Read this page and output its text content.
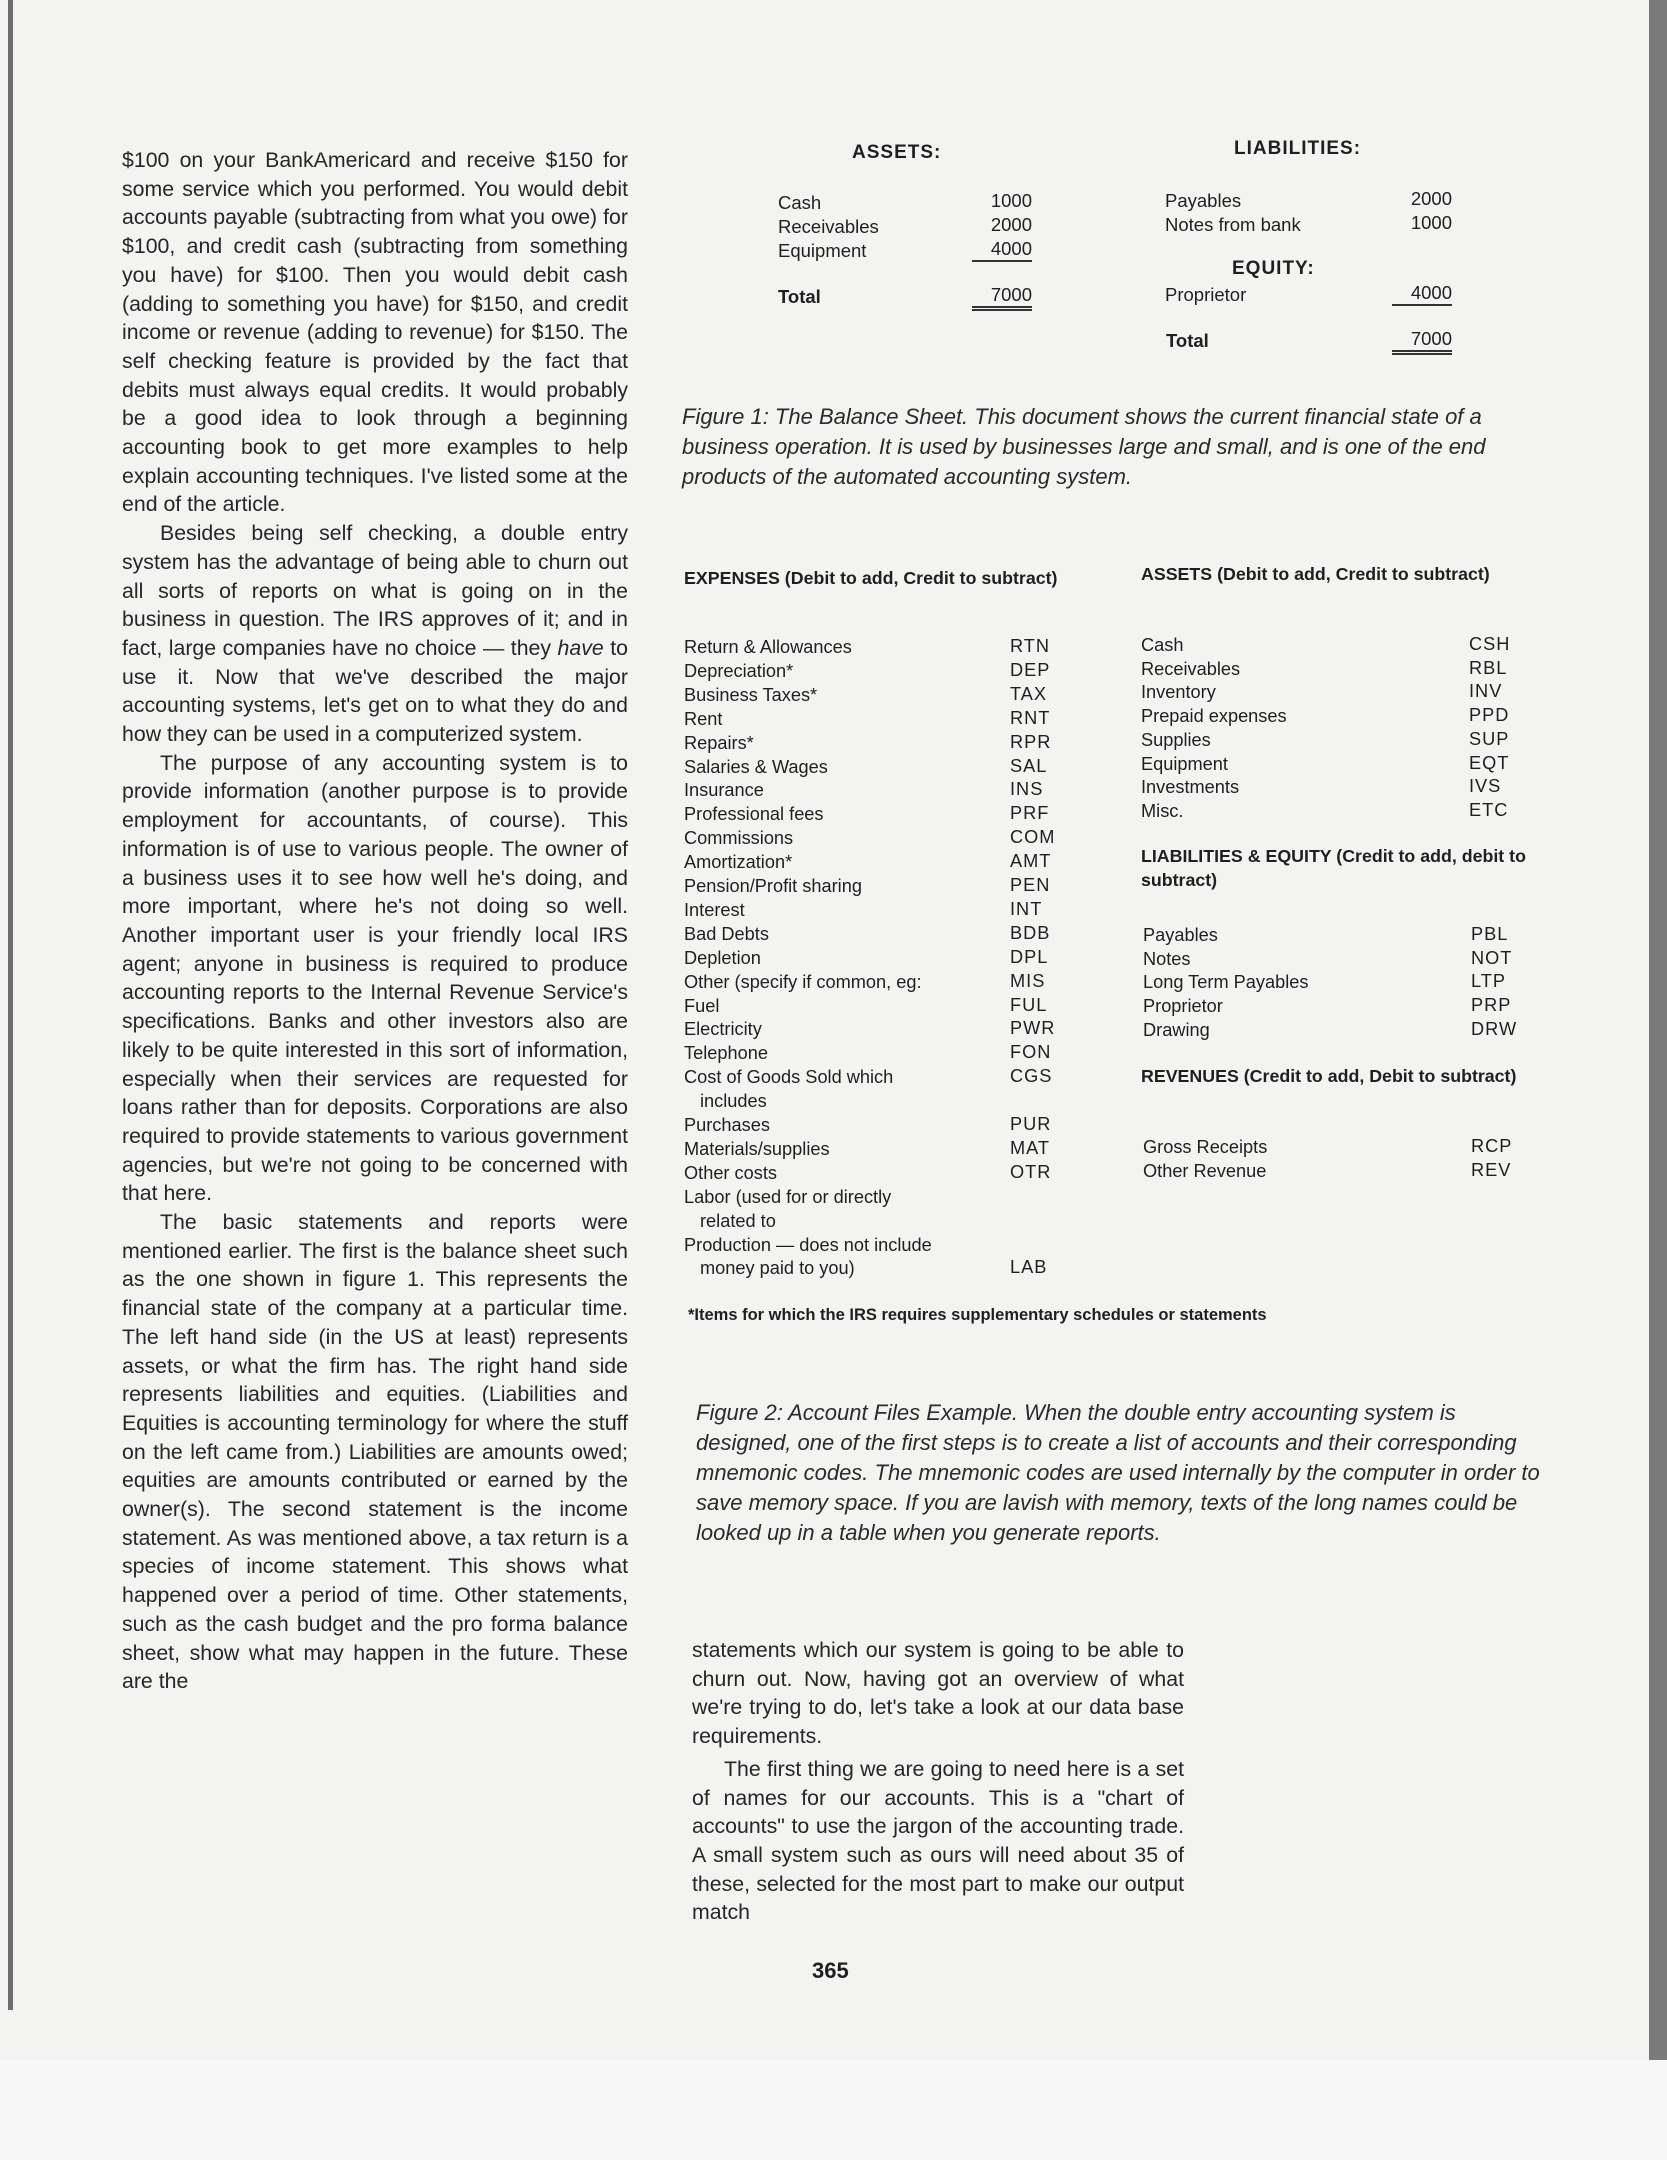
$100 on your BankAmericard and receive $150 for some service which you performed. You would debit accounts payable (subtracting from what you owe) for $100, and credit cash (subtracting from something you have) for $100. Then you would debit cash (adding to something you have) for $150, and credit income or revenue (adding to revenue) for $150. The self checking feature is provided by the fact that debits must always equal credits. It would probably be a good idea to look through a beginning accounting book to get more examples to help explain accounting techniques. I've listed some at the end of the article.

Besides being self checking, a double entry system has the advantage of being able to churn out all sorts of reports on what is going on in the business in question. The IRS approves of it; and in fact, large companies have no choice — they have to use it. Now that we've described the major accounting systems, let's get on to what they do and how they can be used in a computerized system.

The purpose of any accounting system is to provide information (another purpose is to provide employment for accountants, of course). This information is of use to various people. The owner of a business uses it to see how well he's doing, and more important, where he's not doing so well. Another important user is your friendly local IRS agent; anyone in business is required to produce accounting reports to the Internal Revenue Service's specifications. Banks and other investors also are likely to be quite interested in this sort of information, especially when their services are requested for loans rather than for deposits. Corporations are also required to provide statements to various government agencies, but we're not going to be concerned with that here.

The basic statements and reports were mentioned earlier. The first is the balance sheet such as the one shown in figure 1. This represents the financial state of the company at a particular time. The left hand side (in the US at least) represents assets, or what the firm has. The right hand side represents liabilities and equities. (Liabilities and Equities is accounting terminology for where the stuff on the left came from.) Liabilities are amounts owed; equities are amounts contributed or earned by the owner(s). The second statement is the income statement. As was mentioned above, a tax return is a species of income statement. This shows what happened over a period of time. Other statements, such as the cash budget and the pro forma balance sheet, show what may happen in the future. These are the

ASSETS:	LIABILITIES:
Cash	1000
Receivables	2000
Equipment	4000
Total	7000
Payables	2000
Notes from bank	1000
EQUITY:
Proprietor	4000
Total	7000
Figure 1: The Balance Sheet. This document shows the current financial state of a business operation. It is used by businesses large and small, and is one of the end products of the automated accounting system.
EXPENSES (Debit to add, Credit to subtract)	ASSETS (Debit to add, Credit to subtract)
LIABILITIES & EQUITY (Credit to add, debit to subtract)
REVENUES (Credit to add, Debit to subtract)
*Items for which the IRS requires supplementary schedules or statements
Return & Allowances	RTN
Depreciation*	DEP
Business Taxes*	TAX
Rent	RNT
Repairs*	RPR
Salaries & Wages	SAL
Insurance	INS
Professional fees	PRF
Commissions	COM
Amortization*	AMT
Pension/Profit sharing	PEN
Interest	INT
Bad Debts	BDB
Depletion	DPL
Other (specify if common, eg:	MIS
Fuel	FUL
Electricity	PWR
Telephone	FON
Cost of Goods Sold which	CGS
includes
Purchases	PUR
Materials/supplies	MAT
Other costs	OTR
Labor (used for or directly
related to
Production — does not include
money paid to you)	LAB
Cash	CSH
Receivables	RBL
Inventory	INV
Prepaid expenses	PPD
Supplies	SUP
Equipment	EQT
Investments	IVS
Misc.	ETC
Payables	PBL
Notes	NOT
Long Term Payables	LTP
Proprietor	PRP
Drawing	DRW
Gross Receipts	RCP
Other Revenue	REV
Figure 2: Account Files Example. When the double entry accounting system is designed, one of the first steps is to create a list of accounts and their corresponding mnemonic codes. The mnemonic codes are used internally by the computer in order to save memory space. If you are lavish with memory, texts of the long names could be looked up in a table when you generate reports.

statements which our system is going to be able to churn out. Now, having got an overview of what we're trying to do, let's take a look at our data base requirements.

The first thing we are going to need here is a set of names for our accounts. This is a "chart of accounts" to use the jargon of the accounting trade. A small system such as ours will need about 35 of these, selected for the most part to make our output match

365
